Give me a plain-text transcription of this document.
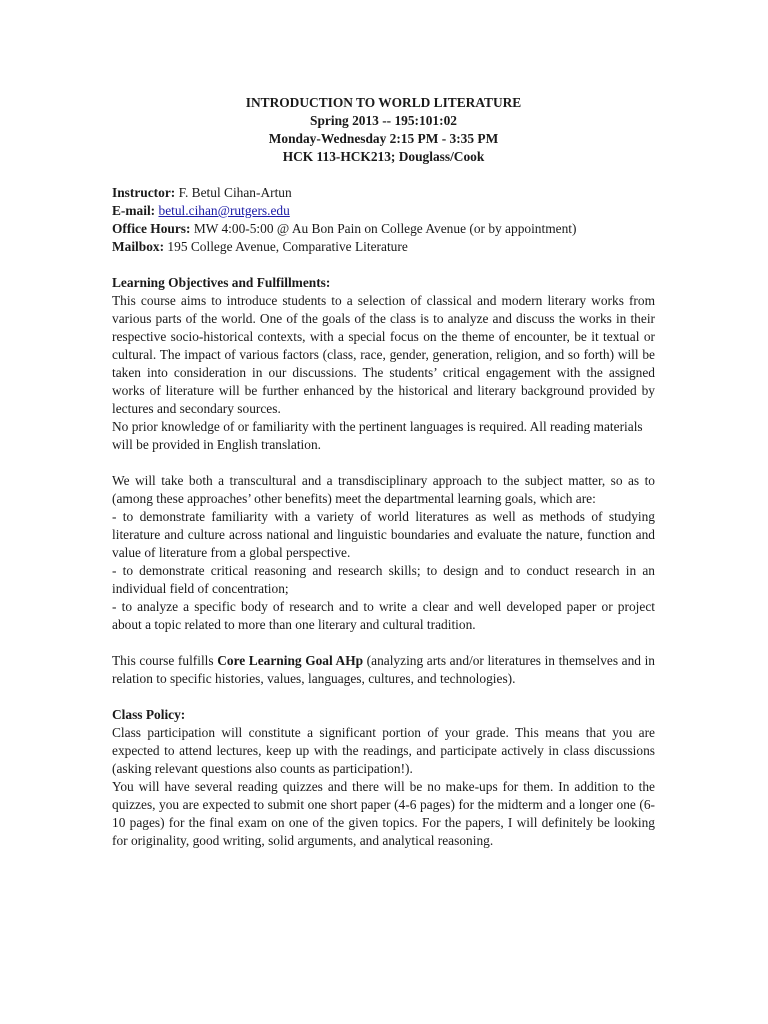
INTRODUCTION TO WORLD LITERATURE
Spring 2013 -- 195:101:02
Monday-Wednesday 2:15 PM - 3:35 PM
HCK 113-HCK213; Douglass/Cook
Instructor: F. Betul Cihan-Artun
E-mail: betul.cihan@rutgers.edu
Office Hours: MW 4:00-5:00 @ Au Bon Pain on College Avenue (or by appointment)
Mailbox: 195 College Avenue, Comparative Literature
Learning Objectives and Fulfillments:

This course aims to introduce students to a selection of classical and modern literary works from various parts of the world. One of the goals of the class is to analyze and discuss the works in their respective socio-historical contexts, with a special focus on the theme of encounter, be it textual or cultural. The impact of various factors (class, race, gender, generation, religion, and so forth) will be taken into consideration in our discussions. The students’ critical engagement with the assigned works of literature will be further enhanced by the historical and literary background provided by lectures and secondary sources.

No prior knowledge of or familiarity with the pertinent languages is required. All reading materials will be provided in English translation.

We will take both a transcultural and a transdisciplinary approach to the subject matter, so as to (among these approaches’ other benefits) meet the departmental learning goals, which are:

- to demonstrate familiarity with a variety of world literatures as well as methods of studying literature and culture across national and linguistic boundaries and evaluate the nature, function and value of literature from a global perspective.

- to demonstrate critical reasoning and research skills; to design and to conduct research in an individual field of concentration;

- to analyze a specific body of research and to write a clear and well developed paper or project about a topic related to more than one literary and cultural tradition.

This course fulfills Core Learning Goal AHp (analyzing arts and/or literatures in themselves and in relation to specific histories, values, languages, cultures, and technologies).

Class Policy:

Class participation will constitute a significant portion of your grade. This means that you are expected to attend lectures, keep up with the readings, and participate actively in class discussions (asking relevant questions also counts as participation!).

You will have several reading quizzes and there will be no make-ups for them. In addition to the quizzes, you are expected to submit one short paper (4-6 pages) for the midterm and a longer one (6-10 pages) for the final exam on one of the given topics. For the papers, I will definitely be looking for originality, good writing, solid arguments, and analytical reasoning.
